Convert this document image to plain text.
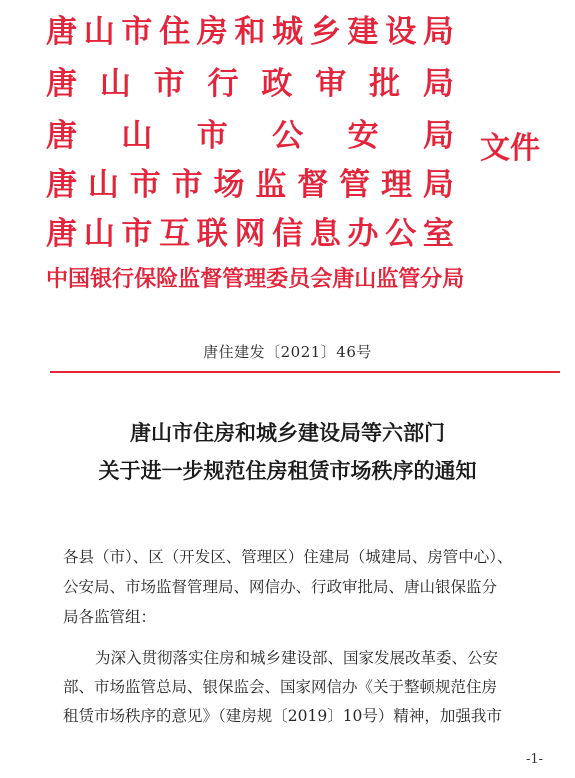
唐 山 市 住 房 和 城 乡 建 设 局
唐 山 市 行 政 审 批 局
唐 山 市 公 安 局
唐 山 市 市 场 监 督 管 理 局
唐 山 市 互 联 网 信 息 办 公 室
中 国 银 行 保 险 监 督 管 理 委 员 会 唐 山 监 管 分 局
文件
唐住建发〔2021〕46号
唐山市住房和城乡建设局等六部门
关于进一步规范住房租赁市场秩序的通知
各县（市）、区（开发区、管理区）住建局（城建局、房管中心）、
公安局、市场监督管理局、网信办、行政审批局、唐山银保监分
局各监管组：
为深入贯彻落实住房和城乡建设部、国家发展改革委、公安
部、市场监管总局、银保监会、国家网信办《关于整顿规范住房
租赁市场秩序的意见》（建房规〔2019〕10号）精神，加强我市
-1-
